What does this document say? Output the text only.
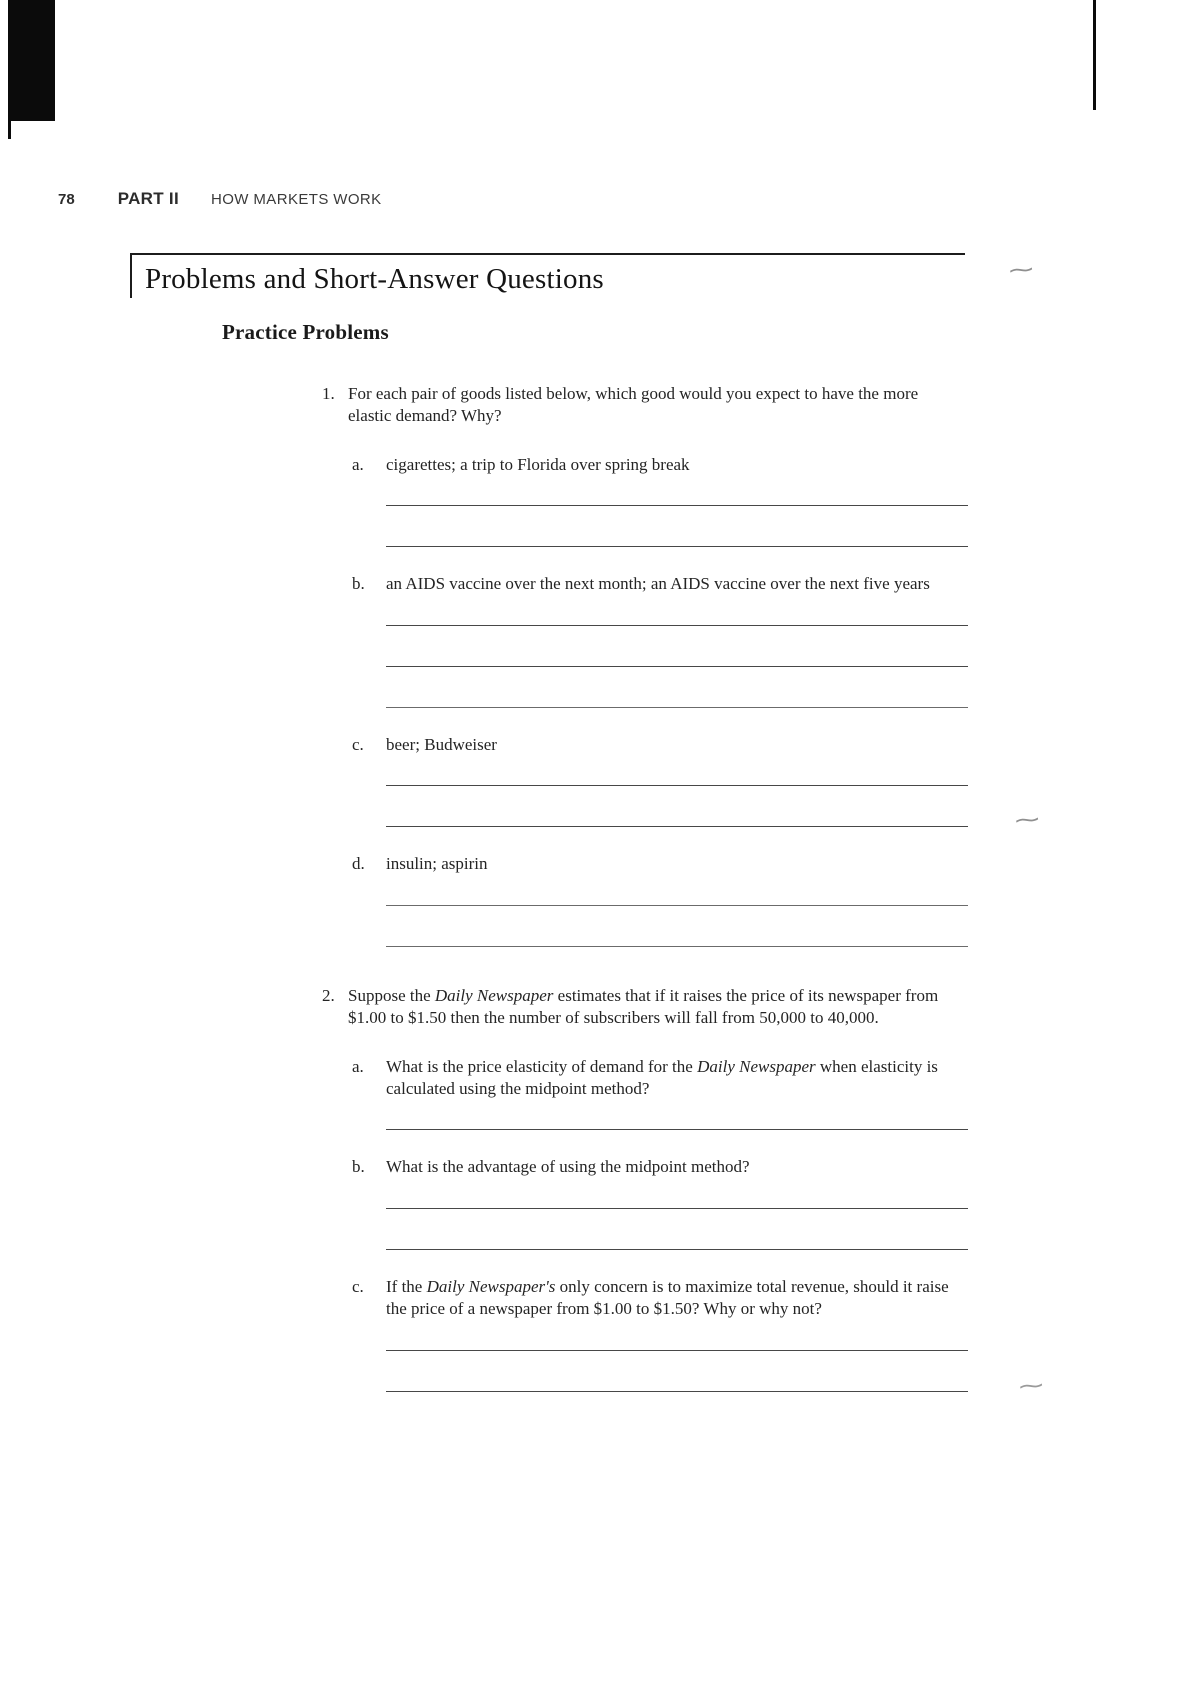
~
~
~
78	PART II HOW MARKETS WORK
Problems and Short-Answer Questions
Practice Problems
1. For each pair of goods listed below, which good would you expect to have the more elastic demand? Why?
a.	cigarettes; a trip to Florida over spring break
b.	an AIDS vaccine over the next month; an AIDS vaccine over the next five years
c.	beer; Budweiser
d.	insulin; aspirin
2. Suppose the Daily Newspaper estimates that if it raises the price of its newspaper from $1.00 to $1.50 then the number of subscribers will fall from 50,000 to 40,000.
a.	What is the price elasticity of demand for the Daily Newspaper when elasticity is calculated using the midpoint method?
b.	What is the advantage of using the midpoint method?
c.	If the Daily Newspaper's only concern is to maximize total revenue, should it raise the price of a newspaper from $1.00 to $1.50? Why or why not?
